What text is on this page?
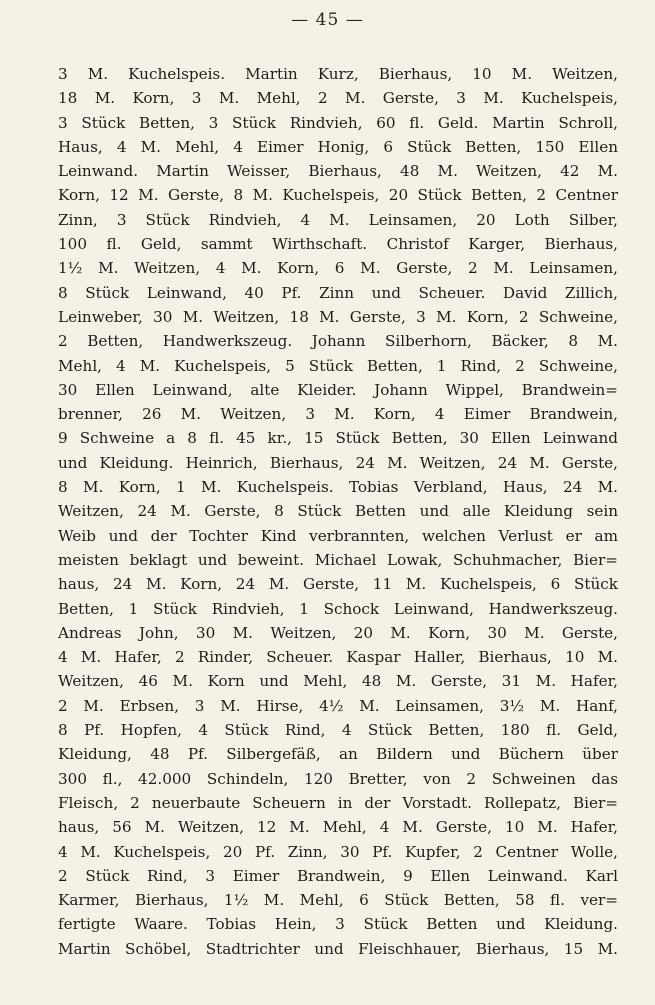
— 45 —
3 M. Kuchelspeis. Martin Kurz, Bierhaus, 10 M. Weitzen,
18 M. Korn, 3 M. Mehl, 2 M. Gerste, 3 M. Kuchelspeis,
3 Stück Betten, 3 Stück Rindvieh, 60 fl. Geld. Martin Schroll,
Haus, 4 M. Mehl, 4 Eimer Honig, 6 Stück Betten, 150 Ellen
Leinwand. Martin Weisser, Bierhaus, 48 M. Weitzen, 42 M.
Korn, 12 M. Gerste, 8 M. Kuchelspeis, 20 Stück Betten, 2 Centner
Zinn, 3 Stück Rindvieh, 4 M. Leinsamen, 20 Loth Silber,
100 fl. Geld, sammt Wirthschaft. Christof Karger, Bierhaus,
1½ M. Weitzen, 4 M. Korn, 6 M. Gerste, 2 M. Leinsamen,
8 Stück Leinwand, 40 Pf. Zinn und Scheuer. David Zillich,
Leinweber, 30 M. Weitzen, 18 M. Gerste, 3 M. Korn, 2 Schweine,
2 Betten, Handwerkszeug. Johann Silberhorn, Bäcker, 8 M.
Mehl, 4 M. Kuchelspeis, 5 Stück Betten, 1 Rind, 2 Schweine,
30 Ellen Leinwand, alte Kleider. Johann Wippel, Brandwein=
brenner, 26 M. Weitzen, 3 M. Korn, 4 Eimer Brandwein,
9 Schweine a 8 fl. 45 kr., 15 Stück Betten, 30 Ellen Leinwand
und Kleidung. Heinrich, Bierhaus, 24 M. Weitzen, 24 M. Gerste,
8 M. Korn, 1 M. Kuchelspeis. Tobias Verbland, Haus, 24 M.
Weitzen, 24 M. Gerste, 8 Stück Betten und alle Kleidung sein
Weib und der Tochter Kind verbrannten, welchen Verlust er am
meisten beklagt und beweint. Michael Lowak, Schuhmacher, Bier=
haus, 24 M. Korn, 24 M. Gerste, 11 M. Kuchelspeis, 6 Stück
Betten, 1 Stück Rindvieh, 1 Schock Leinwand, Handwerkszeug.
Andreas John, 30 M. Weitzen, 20 M. Korn, 30 M. Gerste,
4 M. Hafer, 2 Rinder, Scheuer. Kaspar Haller, Bierhaus, 10 M.
Weitzen, 46 M. Korn und Mehl, 48 M. Gerste, 31 M. Hafer,
2 M. Erbsen, 3 M. Hirse, 4½ M. Leinsamen, 3½ M. Hanf,
8 Pf. Hopfen, 4 Stück Rind, 4 Stück Betten, 180 fl. Geld,
Kleidung, 48 Pf. Silbergefäß, an Bildern und Büchern über
300 fl., 42.000 Schindeln, 120 Bretter, von 2 Schweinen das
Fleisch, 2 neuerbaute Scheuern in der Vorstadt. Rollepatz, Bier=
haus, 56 M. Weitzen, 12 M. Mehl, 4 M. Gerste, 10 M. Hafer,
4 M. Kuchelspeis, 20 Pf. Zinn, 30 Pf. Kupfer, 2 Centner Wolle,
2 Stück Rind, 3 Eimer Brandwein, 9 Ellen Leinwand. Karl
Karmer, Bierhaus, 1½ M. Mehl, 6 Stück Betten, 58 fl. ver=
fertigte Waare. Tobias Hein, 3 Stück Betten und Kleidung.
Martin Schöbel, Stadtrichter und Fleischhauer, Bierhaus, 15 M.
